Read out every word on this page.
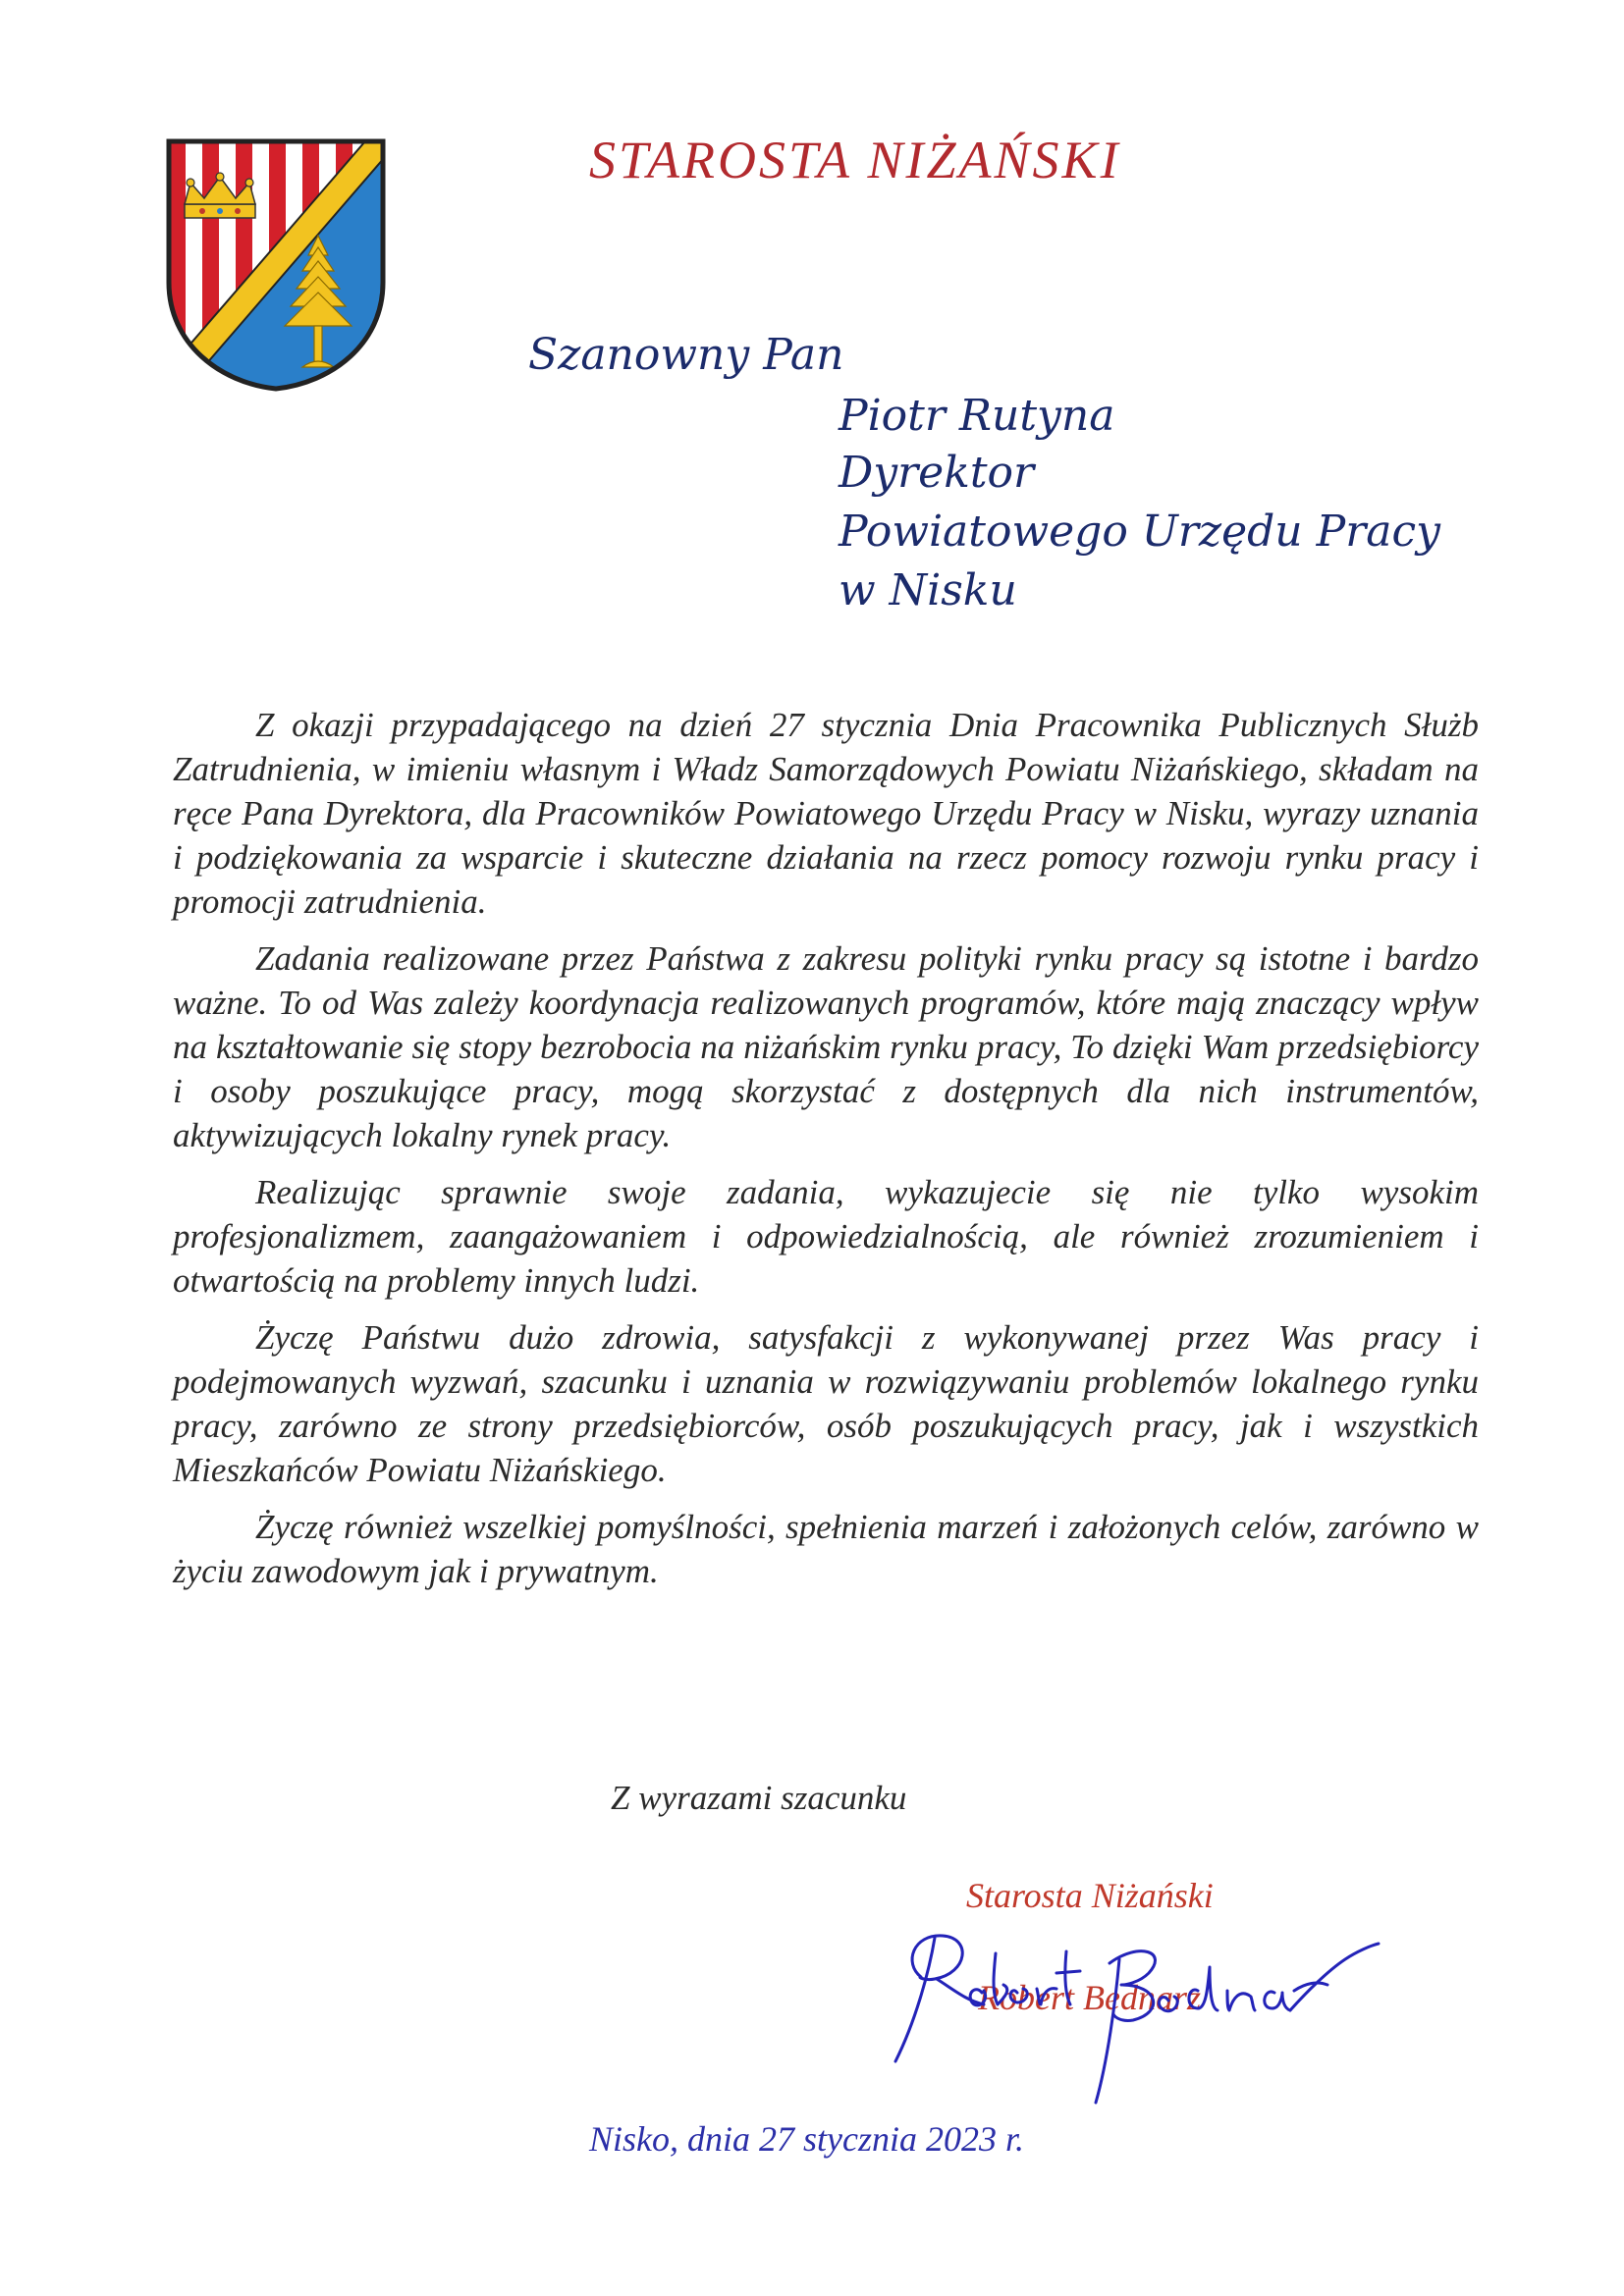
STAROSTA NIŻAŃSKI
Szanowny Pan
Piotr Rutyna
Dyrektor
Powiatowego Urzędu Pracy
w Nisku

Z okazji przypadającego na dzień 27 stycznia Dnia Pracownika Publicznych Służb Zatrudnienia, w imieniu własnym i Władz Samorządowych Powiatu Niżańskiego, składam na ręce Pana Dyrektora, dla Pracowników Powiatowego Urzędu Pracy w Nisku, wyrazy uznania i podziękowania za wsparcie i skuteczne działania na rzecz pomocy rozwoju rynku pracy i promocji zatrudnienia.

Zadania realizowane przez Państwa z zakresu polityki rynku pracy są istotne i bardzo ważne. To od Was zależy koordynacja realizowanych programów, które mają znaczący wpływ na kształtowanie się stopy bezrobocia na niżańskim rynku pracy, To dzięki Wam przedsiębiorcy i osoby poszukujące pracy, mogą skorzystać z dostępnych dla nich instrumentów, aktywizujących lokalny rynek pracy.

Realizując sprawnie swoje zadania, wykazujecie się nie tylko wysokim profesjonalizmem, zaangażowaniem i odpowiedzialnością, ale również zrozumieniem i otwartością na problemy innych ludzi.

Życzę Państwu dużo zdrowia, satysfakcji z wykonywanej przez Was pracy i podejmowanych wyzwań, szacunku i uznania w rozwiązywaniu problemów lokalnego rynku pracy, zarówno ze strony przedsiębiorców, osób poszukujących pracy, jak i wszystkich Mieszkańców Powiatu Niżańskiego.

Życzę również wszelkiej pomyślności, spełnienia marzeń i założonych celów, zarówno w życiu zawodowym jak i prywatnym.

Z wyrazami szacunku
Starosta Niżański
Robert Bednarz
Nisko, dnia 27 stycznia 2023 r.
